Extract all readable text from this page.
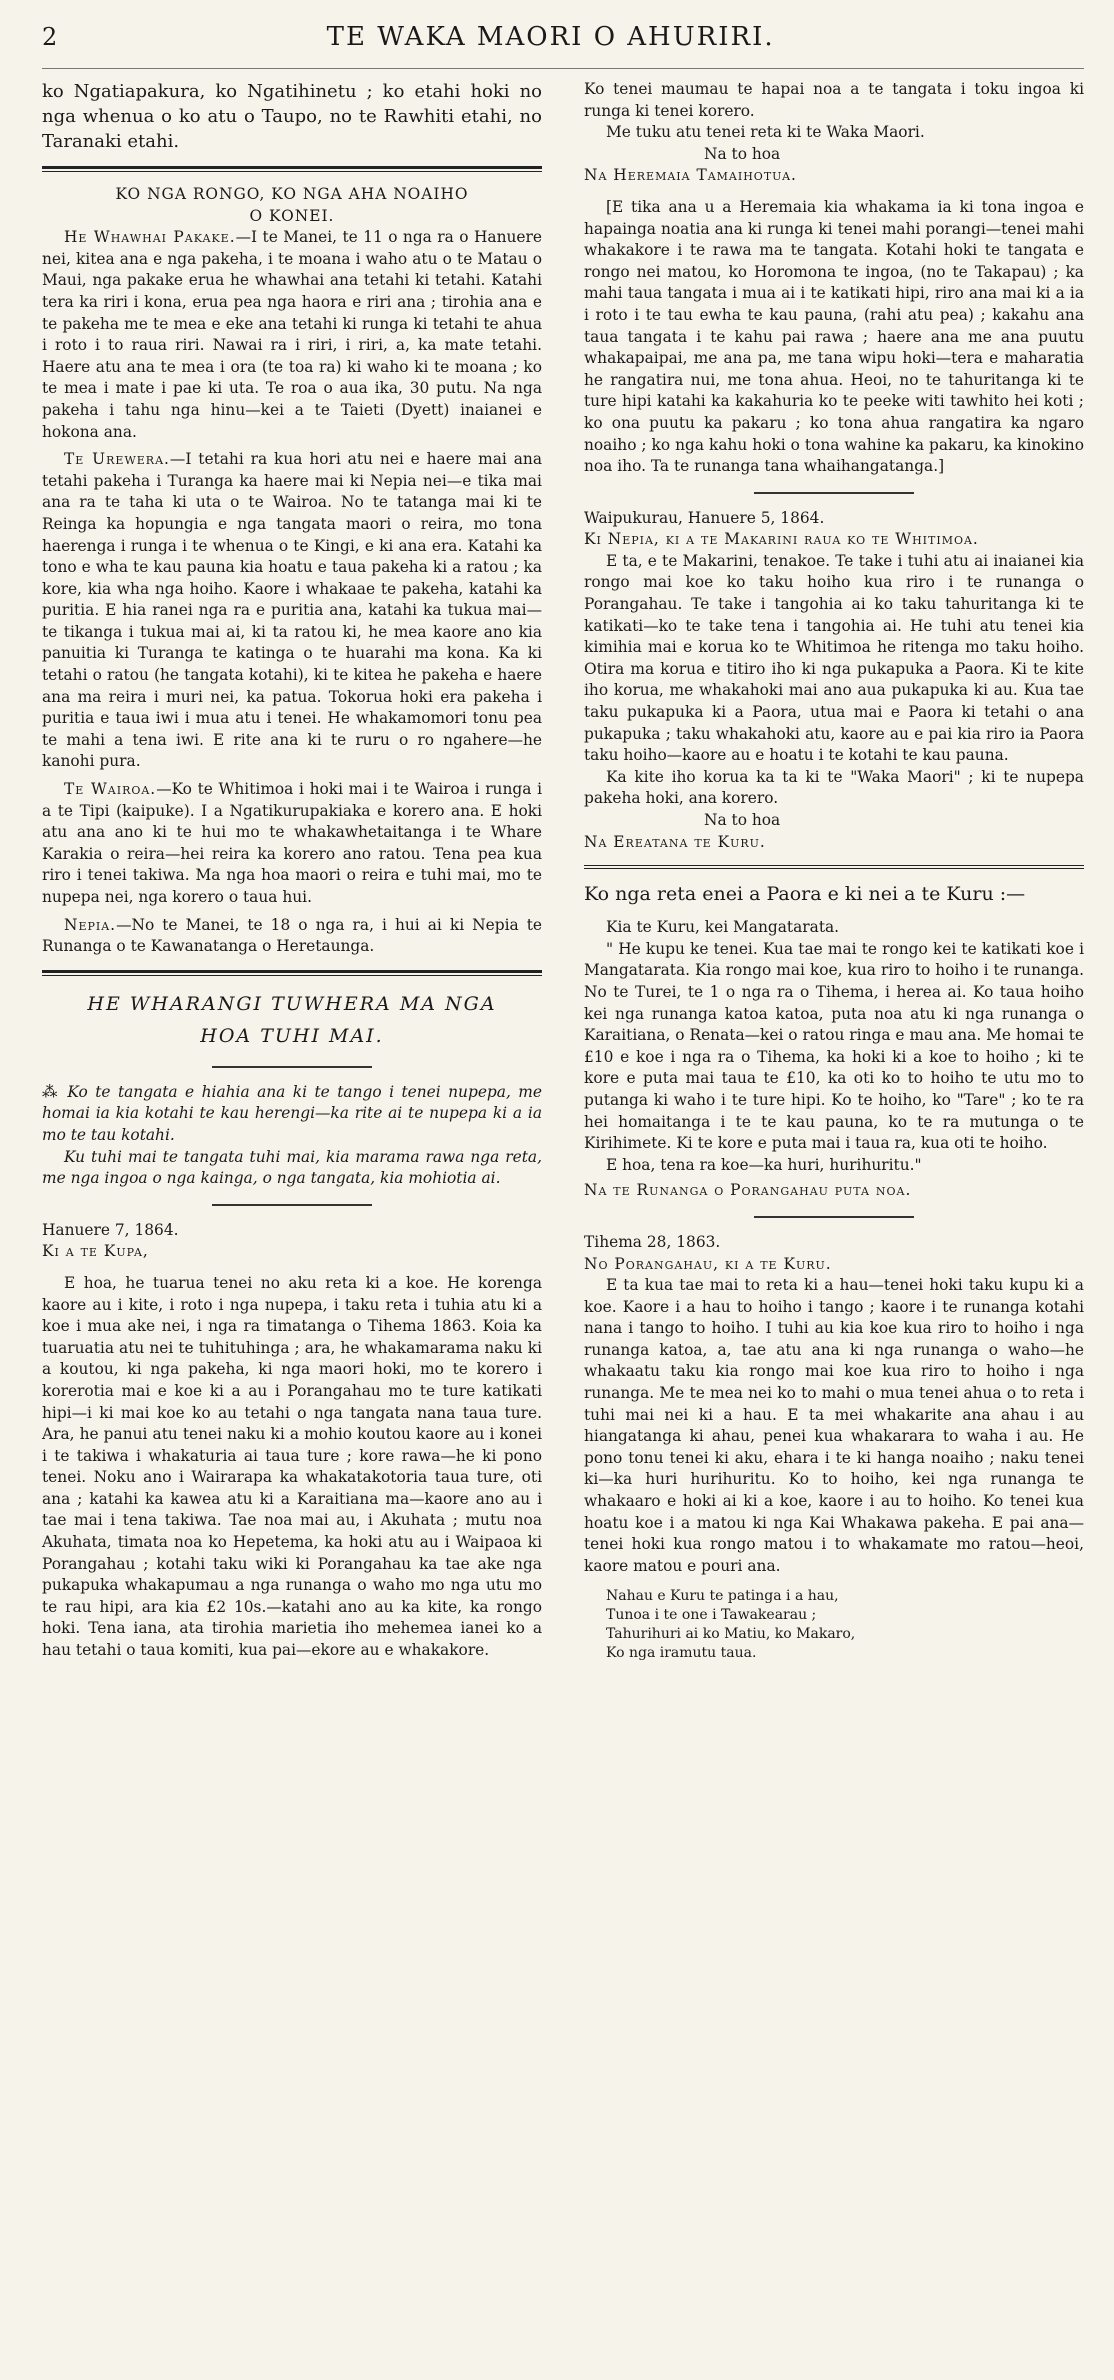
2	TE WAKA MAORI O AHURIRI.

ko Ngatiapakura, ko Ngatihinetu ; ko etahi hoki no nga whenua o ko atu o Taupo, no te Rawhiti etahi, no Taranaki etahi.

KO NGA RONGO, KO NGA AHA NOAIHO
O KONEI.

He Whawhai Pakake.—I te Manei, te 11 o nga ra o Hanuere nei, kitea ana e nga pakeha, i te moana i waho atu o te Matau o Maui, nga pakake erua he whawhai ana tetahi ki tetahi. Katahi tera ka riri i kona, erua pea nga haora e riri ana ; tirohia ana e te pakeha me te mea e eke ana tetahi ki runga ki tetahi te ahua i roto i to raua riri. Nawai ra i riri, i riri, a, ka mate tetahi. Haere atu ana te mea i ora (te toa ra) ki waho ki te moana ; ko te mea i mate i pae ki uta. Te roa o aua ika, 30 putu. Na nga pakeha i tahu nga hinu—kei a te Taieti (Dyett) inaianei e hokona ana.

Te Urewera.—I tetahi ra kua hori atu nei e haere mai ana tetahi pakeha i Turanga ka haere mai ki Nepia nei—e tika mai ana ra te taha ki uta o te Wairoa. No te tatanga mai ki te Reinga ka hopungia e nga tangata maori o reira, mo tona haerenga i runga i te whenua o te Kingi, e ki ana era. Katahi ka tono e wha te kau pauna kia hoatu e taua pakeha ki a ratou ; ka kore, kia wha nga hoiho. Kaore i whakaae te pakeha, katahi ka puritia. E hia ranei nga ra e puritia ana, katahi ka tukua mai—te tikanga i tukua mai ai, ki ta ratou ki, he mea kaore ano kia panuitia ki Turanga te katinga o te huarahi ma kona. Ka ki tetahi o ratou (he tangata kotahi), ki te kitea he pakeha e haere ana ma reira i muri nei, ka patua. Tokorua hoki era pakeha i puritia e taua iwi i mua atu i tenei. He whakamomori tonu pea te mahi a tena iwi. E rite ana ki te ruru o ro ngahere—he kanohi pura.

Te Wairoa.—Ko te Whitimoa i hoki mai i te Wairoa i runga i a te Tipi (kaipuke). I a Ngatikurupakiaka e korero ana. E hoki atu ana ano ki te hui mo te whakawhetaitanga i te Whare Karakia o reira—hei reira ka korero ano ratou. Tena pea kua riro i tenei takiwa. Ma nga hoa maori o reira e tuhi mai, mo te nupepa nei, nga korero o taua hui.

Nepia.—No te Manei, te 18 o nga ra, i hui ai ki Nepia te Runanga o te Kawanatanga o Heretaunga.

HE WHARANGI TUWHERA MA NGA
HOA TUHI MAI.

⁂ Ko te tangata e hiahia ana ki te tango i tenei nupepa, me homai ia kia kotahi te kau herengi—ka rite ai te nupepa ki a ia mo te tau kotahi.

Ku tuhi mai te tangata tuhi mai, kia marama rawa nga reta, me nga ingoa o nga kainga, o nga tangata, kia mohiotia ai.

Hanuere 7, 1864.

Ki a te Kupa,

E hoa, he tuarua tenei no aku reta ki a koe. He korenga kaore au i kite, i roto i nga nupepa, i taku reta i tuhia atu ki a koe i mua ake nei, i nga ra timatanga o Tihema 1863. Koia ka tuaruatia atu nei te tuhituhinga ; ara, he whakamarama naku ki a koutou, ki nga pakeha, ki nga maori hoki, mo te korero i korerotia mai e koe ki a au i Porangahau mo te ture katikati hipi—i ki mai koe ko au tetahi o nga tangata nana taua ture. Ara, he panui atu tenei naku ki a mohio koutou kaore au i konei i te takiwa i whakaturia ai taua ture ; kore rawa—he ki pono tenei. Noku ano i Wairarapa ka whakatakotoria taua ture, oti ana ; katahi ka kawea atu ki a Karaitiana ma—kaore ano au i tae mai i tena takiwa. Tae noa mai au, i Akuhata ; mutu noa Akuhata, timata noa ko Hepetema, ka hoki atu au i Waipaoa ki Porangahau ; kotahi taku wiki ki Porangahau ka tae ake nga pukapuka whakapumau a nga runanga o waho mo nga utu mo te rau hipi, ara kia £2 10s.—katahi ano au ka kite, ka rongo hoki. Tena iana, ata tirohia marietia iho mehemea ianei ko a hau tetahi o taua komiti, kua pai—ekore au e whakakore.

Ko tenei maumau te hapai noa a te tangata i toku ingoa ki runga ki tenei korero.

Me tuku atu tenei reta ki te Waka Maori.

Na to hoa

Na Heremaia Tamaihotua.

[E tika ana u a Heremaia kia whakama ia ki tona ingoa e hapainga noatia ana ki runga ki tenei mahi porangi—tenei mahi whakakore i te rawa ma te tangata. Kotahi hoki te tangata e rongo nei matou, ko Horomona te ingoa, (no te Takapau) ; ka mahi taua tangata i mua ai i te katikati hipi, riro ana mai ki a ia i roto i te tau ewha te kau pauna, (rahi atu pea) ; kakahu ana taua tangata i te kahu pai rawa ; haere ana me ana puutu whakapaipai, me ana pa, me tana wipu hoki—tera e maharatia he rangatira nui, me tona ahua. Heoi, no te tahuritanga ki te ture hipi katahi ka kakahuria ko te peeke witi tawhito hei koti ; ko ona puutu ka pakaru ; ko tona ahua rangatira ka ngaro noaiho ; ko nga kahu hoki o tona wahine ka pakaru, ka kinokino noa iho. Ta te runanga tana whaihangatanga.]

Waipukurau, Hanuere 5, 1864.

Ki Nepia, ki a te Makarini raua ko te Whitimoa.

E ta, e te Makarini, tenakoe. Te take i tuhi atu ai inaianei kia rongo mai koe ko taku hoiho kua riro i te runanga o Porangahau. Te take i tangohia ai ko taku tahuritanga ki te katikati—ko te take tena i tangohia ai. He tuhi atu tenei kia kimihia mai e korua ko te Whitimoa he ritenga mo taku hoiho. Otira ma korua e titiro iho ki nga pukapuka a Paora. Ki te kite iho korua, me whakahoki mai ano aua pukapuka ki au. Kua tae taku pukapuka ki a Paora, utua mai e Paora ki tetahi o ana pukapuka ; taku whakahoki atu, kaore au e pai kia riro ia Paora taku hoiho—kaore au e hoatu i te kotahi te kau pauna.

Ka kite iho korua ka ta ki te "Waka Maori" ; ki te nupepa pakeha hoki, ana korero.

Na to hoa

Na Ereatana te Kuru.

Ko nga reta enei a Paora e ki nei a te Kuru :—

Kia te Kuru, kei Mangatarata.

" He kupu ke tenei. Kua tae mai te rongo kei te katikati koe i Mangatarata. Kia rongo mai koe, kua riro to hoiho i te runanga. No te Turei, te 1 o nga ra o Tihema, i herea ai. Ko taua hoiho kei nga runanga katoa katoa, puta noa atu ki nga runanga o Karaitiana, o Renata—kei o ratou ringa e mau ana. Me homai te £10 e koe i nga ra o Tihema, ka hoki ki a koe to hoiho ; ki te kore e puta mai taua te £10, ka oti ko to hoiho te utu mo to putanga ki waho i te ture hipi. Ko te hoiho, ko "Tare" ; ko te ra hei homaitanga i te te kau pauna, ko te ra mutunga o te Kirihimete. Ki te kore e puta mai i taua ra, kua oti te hoiho.

E hoa, tena ra koe—ka huri, hurihuritu."

Na te Runanga o Porangahau puta noa.

Tihema 28, 1863.

No Porangahau, ki a te Kuru.

E ta kua tae mai to reta ki a hau—tenei hoki taku kupu ki a koe. Kaore i a hau to hoiho i tango ; kaore i te runanga kotahi nana i tango to hoiho. I tuhi au kia koe kua riro to hoiho i nga runanga katoa, a, tae atu ana ki nga runanga o waho—he whakaatu taku kia rongo mai koe kua riro to hoiho i nga runanga. Me te mea nei ko to mahi o mua tenei ahua o to reta i tuhi mai nei ki a hau. E ta mei whakarite ana ahau i au hiangatanga ki ahau, penei kua whakarara to waha i au. He pono tonu tenei ki aku, ehara i te ki hanga noaiho ; naku tenei ki—ka huri hurihuritu. Ko to hoiho, kei nga runanga te whakaaro e hoki ai ki a koe, kaore i au to hoiho. Ko tenei kua hoatu koe i a matou ki nga Kai Whakawa pakeha. E pai ana—tenei hoki kua rongo matou i to whakamate mo ratou—heoi, kaore matou e pouri ana.

Nahau e Kuru te patinga i a hau,

Tunoa i te one i Tawakearau ;

Tahurihuri ai ko Matiu, ko Makaro,

Ko nga iramutu taua.
